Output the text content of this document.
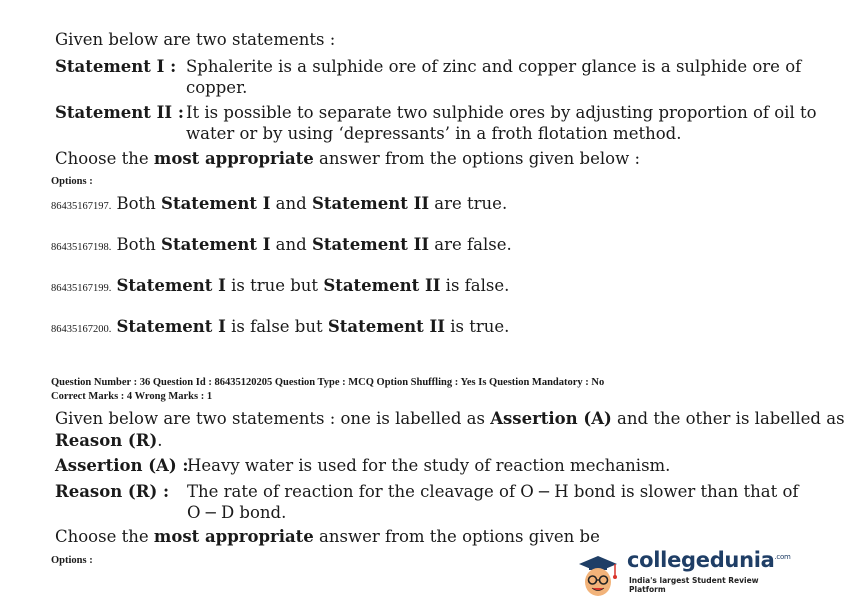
Given below are two statements :
Statement I : Sphalerite is a sulphide ore of zinc and copper glance is a sulphide ore of
copper.
Statement II : It is possible to separate two sulphide ores by adjusting proportion of oil to
water or by using ‘depressants’ in a froth flotation method.
Choose the most appropriate answer from the options given below :
Options :
86435167197. Both Statement I and Statement II are true.
86435167198. Both Statement I and Statement II are false.
86435167199. Statement I is true but Statement II is false.
86435167200. Statement I is false but Statement II is true.
Question Number : 36 Question Id : 86435120205 Question Type : MCQ Option Shuffling : Yes Is Question Mandatory : No
Correct Marks : 4 Wrong Marks : 1
Given below are two statements : one is labelled as Assertion (A) and the other is labelled as
Reason (R).
Assertion (A) :
Heavy water is used for the study of reaction mechanism.
Reason (R) : The rate of reaction for the cleavage of O − H bond is slower than that of
O − D bond.
Choose the most appropriate answer from the options given be
Options :	collegedunia$^{.com}$
India's largest Student Review Platform
